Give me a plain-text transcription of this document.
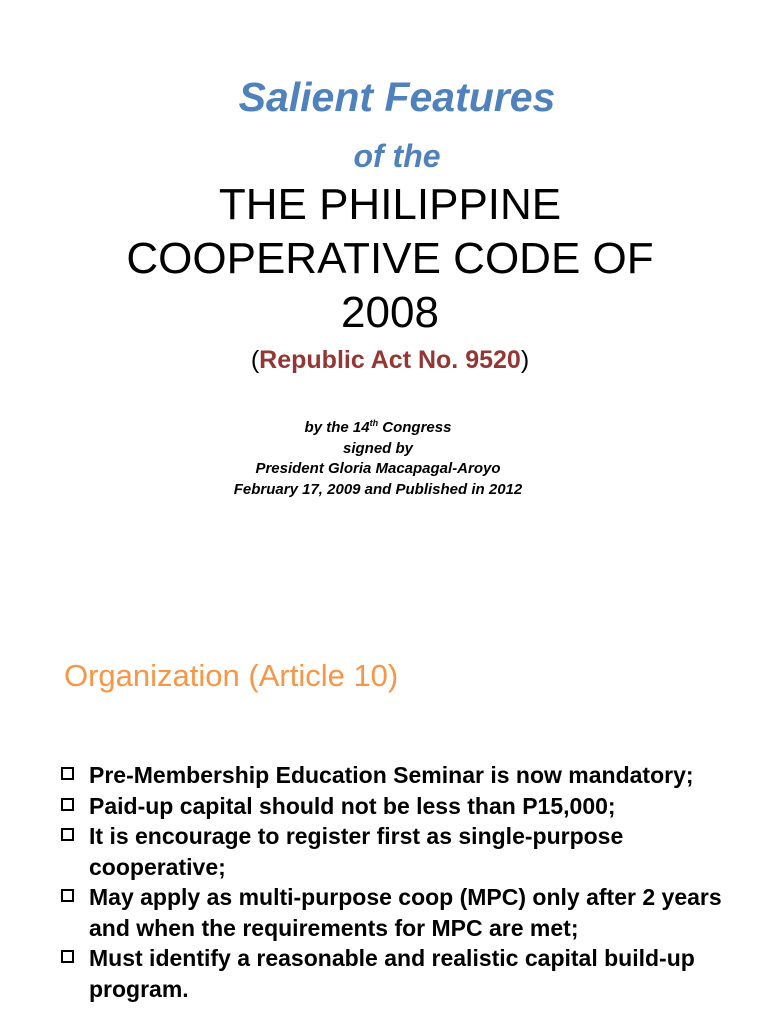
Salient Features
of the
THE PHILIPPINE
COOPERATIVE CODE OF
2008
(Republic Act No. 9520)
by the 14th Congress
signed by
President Gloria Macapagal-Aroyo
February 17, 2009 and Published in 2012
Organization (Article 10)
Pre-Membership Education Seminar is now mandatory;
Paid-up capital should not be less than P15,000;
It is encourage to register first as single-purpose cooperative;
May apply as multi-purpose coop (MPC) only after 2 years and when the requirements for MPC are met;
Must identify a reasonable and realistic capital build-up program.
